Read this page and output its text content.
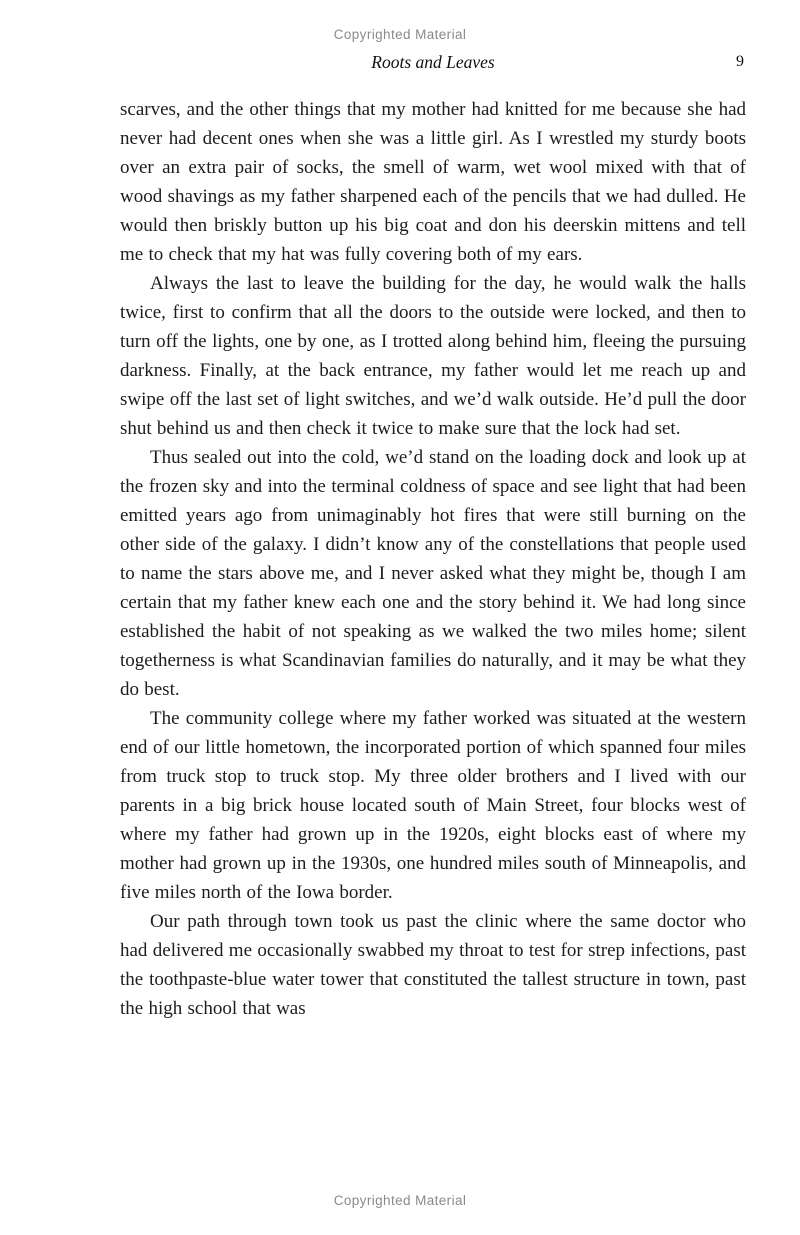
Copyrighted Material
Roots and Leaves	9

scarves, and the other things that my mother had knitted for me because she had never had decent ones when she was a little girl. As I wrestled my sturdy boots over an extra pair of socks, the smell of warm, wet wool mixed with that of wood shavings as my father sharpened each of the pencils that we had dulled. He would then briskly button up his big coat and don his deerskin mittens and tell me to check that my hat was fully covering both of my ears.

Always the last to leave the building for the day, he would walk the halls twice, first to confirm that all the doors to the outside were locked, and then to turn off the lights, one by one, as I trotted along behind him, fleeing the pursuing darkness. Finally, at the back entrance, my father would let me reach up and swipe off the last set of light switches, and we’d walk outside. He’d pull the door shut behind us and then check it twice to make sure that the lock had set.

Thus sealed out into the cold, we’d stand on the loading dock and look up at the frozen sky and into the terminal coldness of space and see light that had been emitted years ago from unimaginably hot fires that were still burning on the other side of the galaxy. I didn’t know any of the constellations that people used to name the stars above me, and I never asked what they might be, though I am certain that my father knew each one and the story behind it. We had long since established the habit of not speaking as we walked the two miles home; silent togetherness is what Scandinavian families do naturally, and it may be what they do best.

The community college where my father worked was situated at the western end of our little hometown, the incorporated portion of which spanned four miles from truck stop to truck stop. My three older brothers and I lived with our parents in a big brick house located south of Main Street, four blocks west of where my father had grown up in the 1920s, eight blocks east of where my mother had grown up in the 1930s, one hundred miles south of Minneapolis, and five miles north of the Iowa border.

Our path through town took us past the clinic where the same doctor who had delivered me occasionally swabbed my throat to test for strep infections, past the toothpaste-blue water tower that constituted the tallest structure in town, past the high school that was

Copyrighted Material
